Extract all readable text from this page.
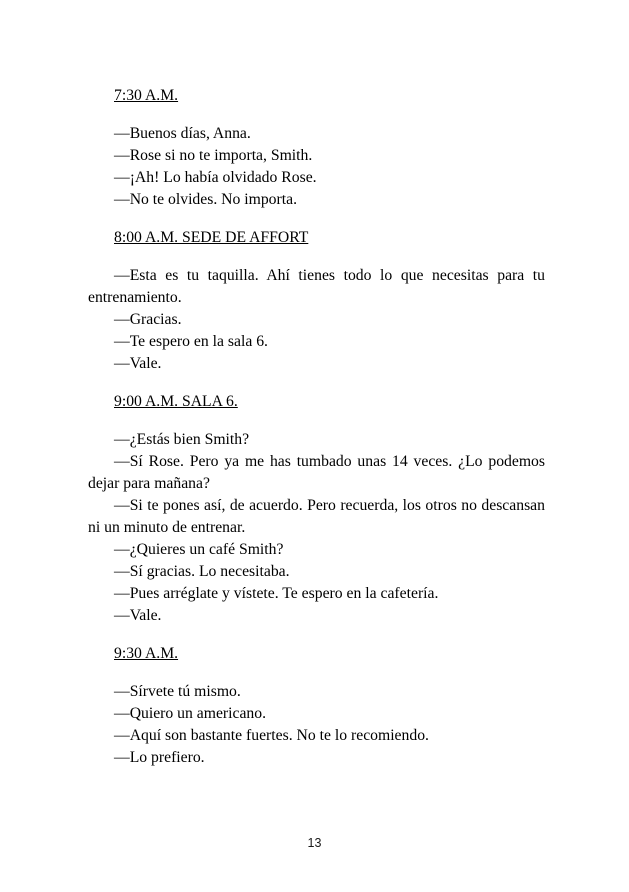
7:30 A.M.

—Buenos días, Anna.

—Rose si no te importa, Smith.

—¡Ah! Lo había olvidado Rose.

—No te olvides. No importa.

8:00 A.M. SEDE DE AFFORT

—Esta es tu taquilla. Ahí tienes todo lo que necesitas para tu entrenamiento.

—Gracias.

—Te espero en la sala 6.

—Vale.

9:00 A.M. SALA 6.

—¿Estás bien Smith?

—Sí Rose. Pero ya me has tumbado unas 14 veces. ¿Lo podemos dejar para mañana?

—Si te pones así, de acuerdo. Pero recuerda, los otros no descansan ni un minuto de entrenar.

—¿Quieres un café Smith?

—Sí gracias. Lo necesitaba.

—Pues arréglate y vístete. Te espero en la cafetería.

—Vale.

9:30 A.M.

—Sírvete tú mismo.

—Quiero un americano.

—Aquí son bastante fuertes. No te lo recomiendo.

—Lo prefiero.

13
